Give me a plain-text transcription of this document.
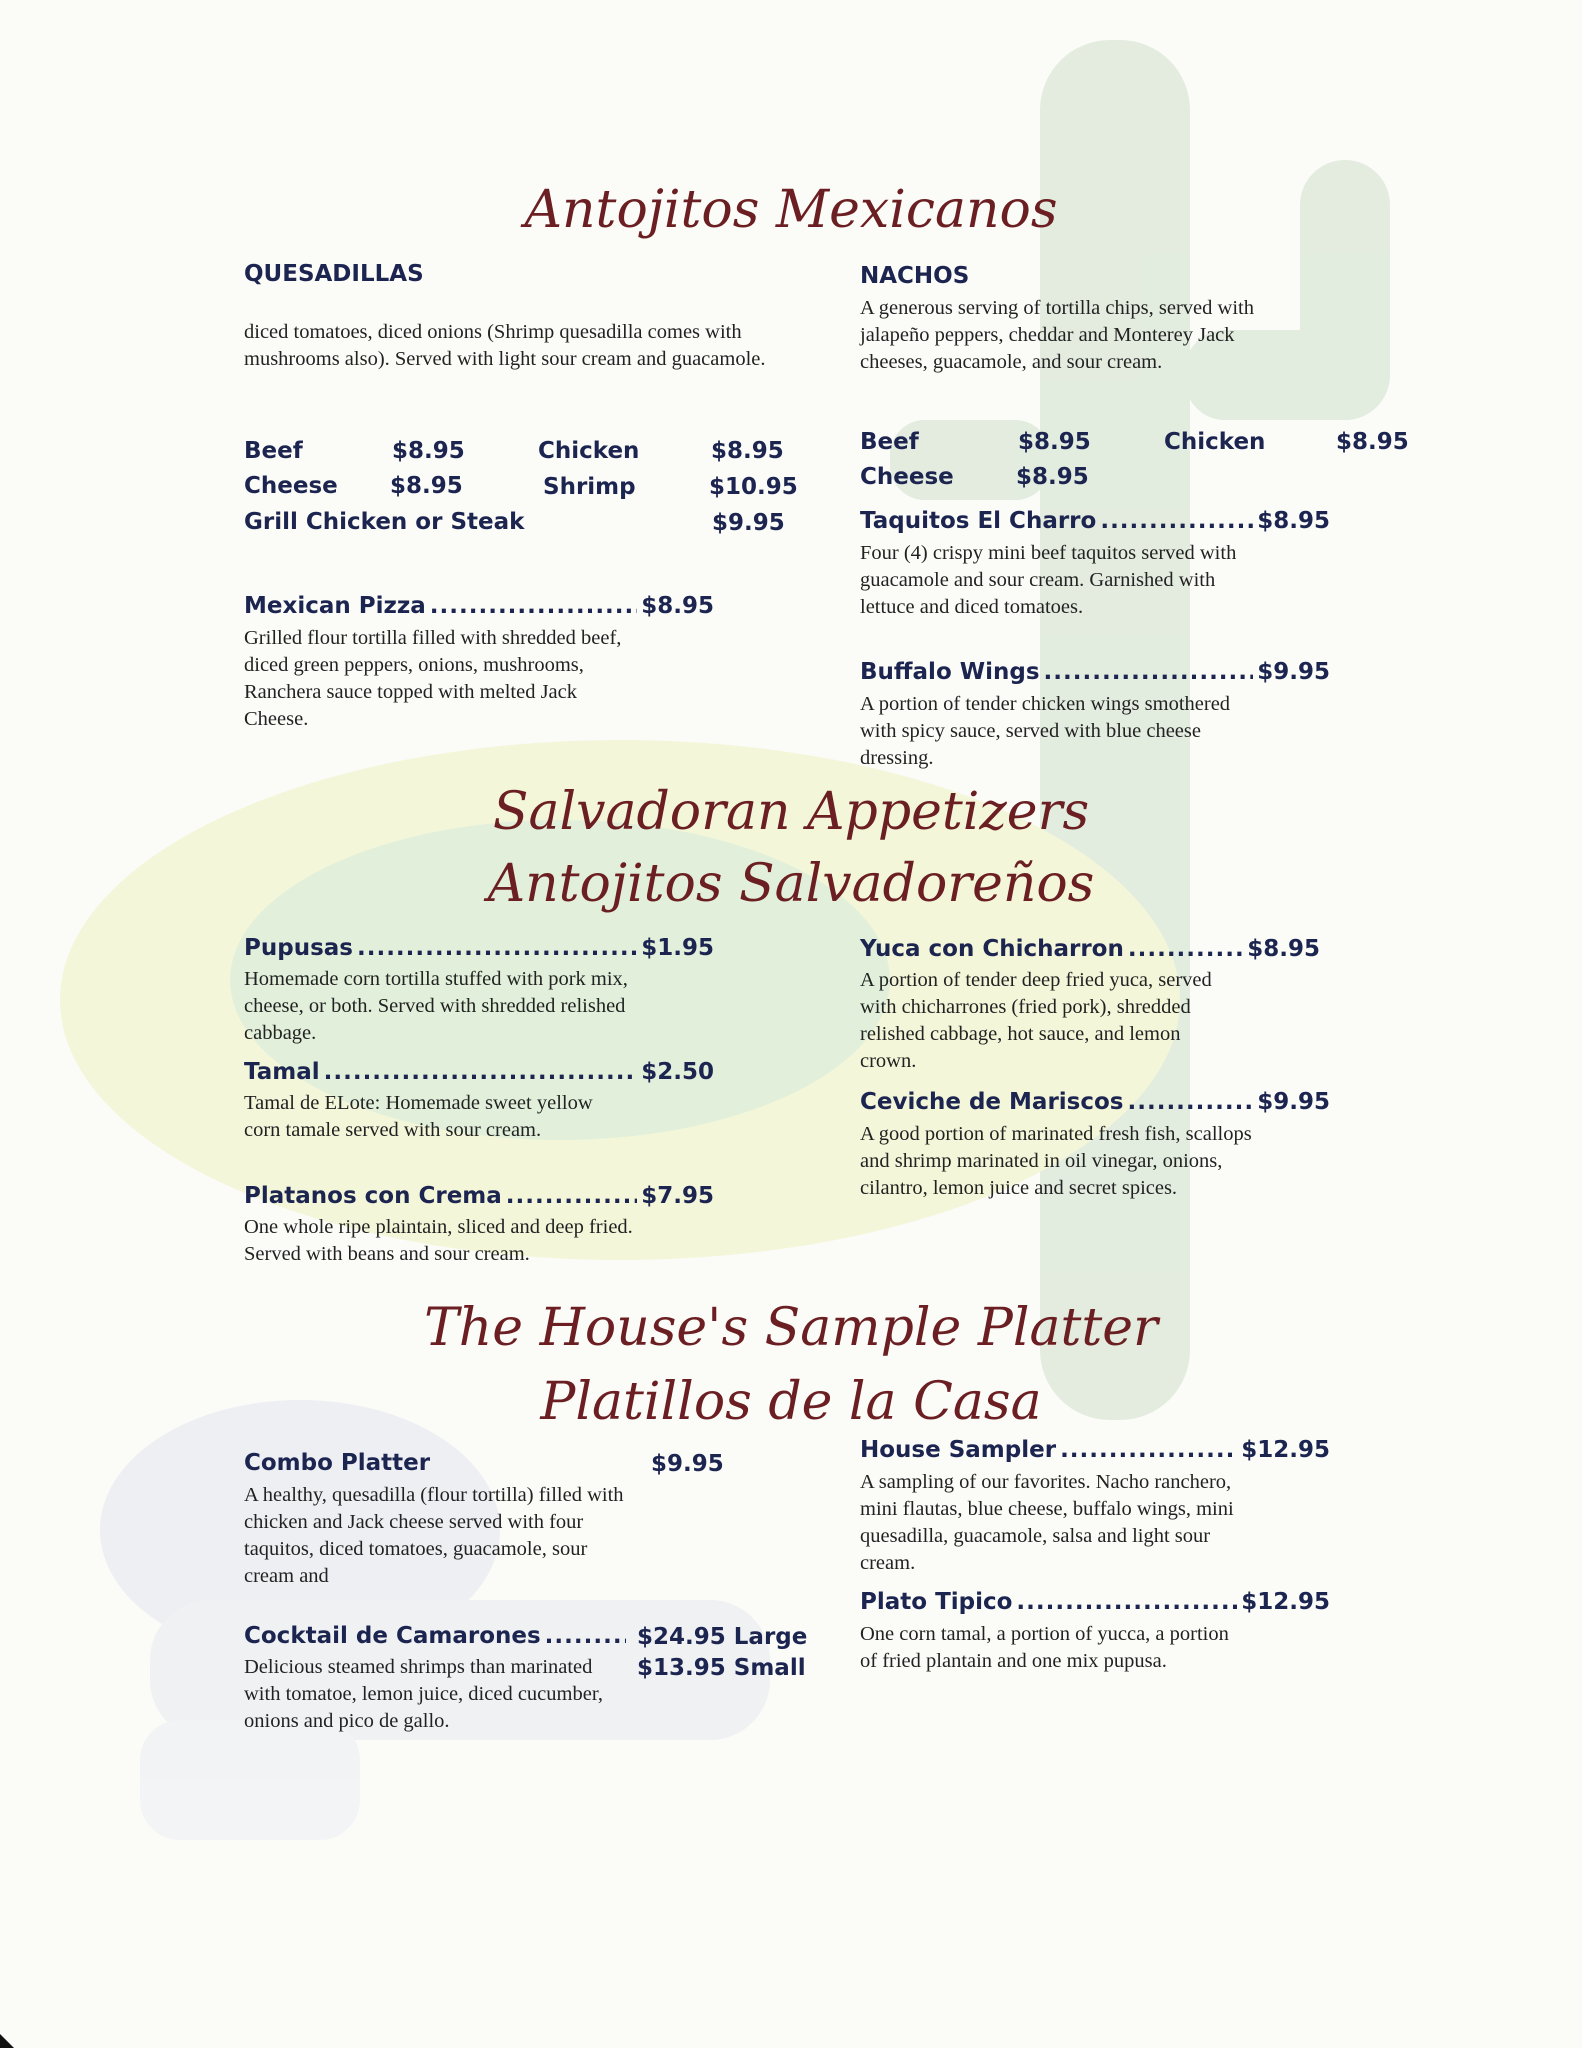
Antojitos Mexicanos
Salvadoran Appetizers
Antojitos Salvadoreños
The House's Sample Platter
Platillos de la Casa
QUESADILLAS
diced tomatoes, diced onions (Shrimp quesadilla comes with mushrooms also). Served with light sour cream and guacamole.
Beef	$8.95	Chicken	$8.95
Cheese $8.95	Shrimp	$10.95
Grill Chicken or Steak	$9.95
NACHOS
A generous serving of tortilla chips, served with jalapeño peppers, cheddar and Monterey Jack cheeses, guacamole, and sour cream.
Beef	$8.95	Chicken	$8.95
Cheese	$8.95
Mexican Pizza .....	$8.95
Grilled flour tortilla filled with shredded beef, diced green peppers, onions, mushrooms, Ranchera sauce topped with melted Jack Cheese.
Taquitos El Charro .....	$8.95
Four (4) crispy mini beef taquitos served with guacamole and sour cream. Garnished with lettuce and diced tomatoes.
Buffalo Wings .....	$9.95
A portion of tender chicken wings smothered with spicy sauce, served with blue cheese dressing.
Pupusas .....	$1.95
Homemade corn tortilla stuffed with pork mix, cheese, or both. Served with shredded relished cabbage.
Tamal .....	$2.50
Tamal de ELote: Homemade sweet yellow corn tamale served with sour cream.
Platanos con Crema .....	$7.95
One whole ripe plaintain, sliced and deep fried. Served with beans and sour cream.
Yuca con Chicharron .....	$8.95
A portion of tender deep fried yuca, served with chicharrones (fried pork), shredded relished cabbage, hot sauce, and lemon crown.
Ceviche de Mariscos .....	$9.95
A good portion of marinated fresh fish, scallops and shrimp marinated in oil vinegar, onions, cilantro, lemon juice and secret spices.
Combo Platter	$9.95
A healthy, quesadilla (flour tortilla) filled with chicken and Jack cheese served with four taquitos, diced tomatoes, guacamole, sour cream and
Cocktail de Camarones .....	$24.95 Large
$13.95 Small
Delicious steamed shrimps than marinated with tomatoe, lemon juice, diced cucumber, onions and pico de gallo.
House Sampler .....	$12.95
A sampling of our favorites. Nacho ranchero, mini flautas, blue cheese, buffalo wings, mini quesadilla, guacamole, salsa and light sour cream.
Plato Tipico .....	$12.95
One corn tamal, a portion of yucca, a portion of fried plantain and one mix pupusa.
